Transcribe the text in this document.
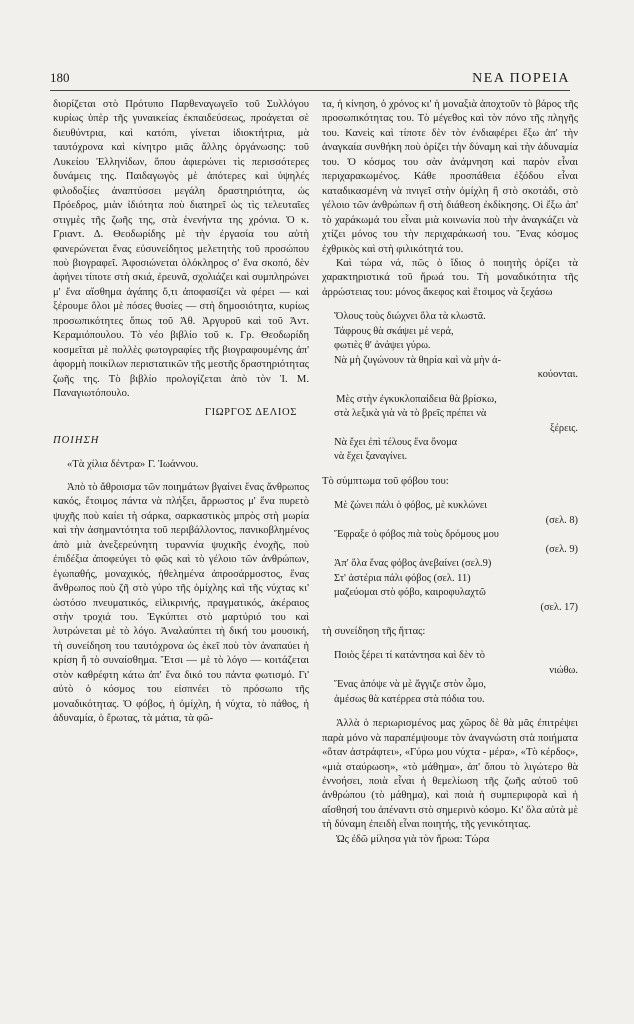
180	ΝΕΑ ΠΟΡΕΙΑ

διορίζεται στὸ Πρότυπο Παρθεναγωγεῖο τοῦ Συλλόγου κυρίως ὑπὲρ τῆς γυναικείας ἐκπαιδεύσεως, προάγεται σὲ διευθύντρια, καὶ κατόπι, γίνεται ἰδιοκτήτρια, μὰ ταυτόχρονα καὶ κίνητρο μιᾶς ἄλλης ὀργάνωσης: τοῦ Λυκείου Ἑλληνίδων, ὅπου ἀφιερώνει τὶς περισσότερες δυνάμεις της. Παιδαγωγὸς μὲ ἀπότερες καὶ ὑψηλές φιλοδοξίες ἀναπτύσσει μεγάλη δραστηριότητα, ὡς Πρόεδρος, μιὰν ἰδιότητα ποὺ διατηρεῖ ὡς τὶς τελευταῖες στιγμὲς τῆς ζωῆς της, στὰ ἑνενήντα της χρόνια. Ὁ κ. Γριαντ. Δ. Θεοδωρίδης μὲ τὴν ἐργασία του αὐτὴ φανερώνεται ἕνας εὐσυνείδητος μελετητὴς τοῦ προσώπου ποὺ βιογραφεῖ. Ἀφοσιώνεται ὁλόκληρος σ' ἕνα σκοπό, δὲν ἀφήνει τίποτε στὴ σκιά, ἐρευνᾶ, σχολιάζει καὶ συμπληρώνει μ' ἕνα αἴσθημα ἀγάπης ὅ,τι ἀποφασίζει νὰ φέρει — καὶ ξέρουμε ὅλοι μὲ πόσες θυσίες — στὴ δημοσιότητα, κυρίως προσωπικότητες ὅπως τοῦ Ἀθ. Ἀργυροῦ καὶ τοῦ Ἀντ. Κεραμιόπουλου. Τὸ νέο βιβλίο τοῦ κ. Γρ. Θεοδωρίδη κοσμεῖται μὲ πολλὲς φωτογραφίες τῆς βιογραφουμένης ἀπ' ἀφορμὴ ποικίλων περιστατικῶν τῆς μεστῆς δραστηριότητας ζωῆς της. Τὸ βιβλίο προλογίζεται ἀπὸ τὸν Ἰ. Μ. Παναγιωτόπουλο.

ΓΙΩΡΓΟΣ ΔΕΛΙΟΣ

ΠΟΙΗΣΗ

«Τὰ χίλια δέντρα» Γ. Ἰωάννου.

Ἀπὸ τὸ ἄθροισμα τῶν ποιημάτων βγαίνει ἕνας ἄνθρωπος κακός, ἕτοιμος πάντα νὰ πλήξει, ἄρρωστος μ' ἕνα πυρετὸ ψυχῆς ποὺ καίει τὴ σάρκα, σαρκαστικὸς μπρὸς στὴ μωρία καὶ τὴν ἀσημαντότητα τοῦ περιβάλλοντος, πανικοβλημένος ἀπὸ μιὰ ἀνεξερεύνητη τυραννία ψυχικῆς ἐνοχῆς, ποὺ ἐπιδέξια ἀποφεύγει τὸ φῶς καὶ τὸ γέλοιο τῶν ἀνθρώπων, ἐγωπαθής, μοναχικός, ἠθελημένα ἀπροσάρμοστος, ἕνας ἄνθρωπος ποὺ ζῆ στὸ γύρο τῆς ὀμίχλης καὶ τῆς νύχτας κι' ὡστόσο πνευματικός, εἰλικρινής, πραγματικός, ἀκέραιος στὴν τροχιά του. Ἐγκύπτει στὸ μαρτύριό του καὶ λυτρώνεται μὲ τὸ λόγο. Ἀναλαύπτει τὴ δική του μουσική, τὴ συνείδηση του ταυτόχρονα ὡς ἐκεῖ ποὺ τὸν ἀναπαύει ἡ κρίση ἢ τὸ συναίσθημα. Ἔτσι — μὲ τὸ λόγο — κοιτάζεται στὸν καθρέφτη κάτω ἀπ' ἕνα δικό του πάντα φωτισμό. Γι' αὐτὸ ὁ κόσμος του εἰσπνέει τὸ πρόσωπο τῆς μοναδικότητας. Ὁ φόβος, ἡ ὀμίχλη, ἡ νύχτα, τὸ πάθος, ἡ ἀδυναμία, ὁ ἔρωτας, τὰ μάτια, τὰ φῶ-

τα, ἡ κίνηση, ὁ χρόνος κι' ἡ μοναξιὰ ἀποχτοῦν τὸ βάρος τῆς προσωπικότητας του. Τὸ μέγεθος καὶ τὸν πόνο τῆς πληγῆς του. Κανεὶς καὶ τίποτε δὲν τὸν ἐνδιαφέρει ἔξω ἀπ' τὴν ἀναγκαία συνθήκη ποὺ ὁρίζει τὴν δύναμη καὶ τὴν ἀδυναμία του. Ὁ κόσμος του σὰν ἀνάμνηση καὶ παρὸν εἶναι περιχαρακωμένος. Κάθε προσπάθεια ἐξόδου εἶναι καταδικασμένη νὰ πνιγεῖ στὴν ὀμίχλη ἢ στὸ σκοτάδι, στὸ γέλοιο τῶν ἀνθρώπων ἢ στὴ διάθεση ἐκδίκησης. Οἱ ἔξω ἀπ' τὸ χαράκωμά του εἶναι μιὰ κοινωνία ποὺ τὴν ἀναγκάζει νὰ χτίζει μόνος του τὴν περιχαράκωσή του. Ἕνας κόσμος ἐχθρικὸς καὶ στὴ φιλικότητά του.

Καὶ τώρα νά, πῶς ὁ ἴδιος ὁ ποιητὴς ὁρίζει τὰ χαρακτηριστικά τοῦ ἥρωά του. Τὴ μοναδικότητα τῆς ἀρρώστειας του: μόνος ἄκεφος καὶ ἕτοιμος νὰ ξεχάσω

Ὅλους τοὺς διώχνει ὅλα τὰ κλωστᾶ.
Τάφρους θὰ σκάψει μὲ νερά,
φωτιὲς θ' ἀνάψει γύρω.
Νὰ μὴ ζυγώνουν τὰ θηρία καὶ νὰ μὴν ἀ-
κούονται.

Μὲς στὴν ἐγκυκλοπαίδεια θὰ βρίσκω,

στὰ λεξικὰ γιὰ νὰ τὸ βρεῖς πρέπει νὰ
ξέρεις.
Νὰ ἔχει ἐπὶ τέλους ἕνα ὄνομα
νὰ ἔχει ξαναγίνει.

Τὸ σύμπτωμα τοῦ φόβου του:

Μὲ ζώνει πάλι ὁ φόβος, μὲ κυκλώνει
(σελ. 8)
Ἔφραξε ὁ φόβος πιὰ τοὺς δρόμους μου
(σελ. 9)
Ἀπ' ὅλα ἕνας φόβος ἀνεβαίνει (σελ.9)
Στ' ἀστέρια πάλι φόβος (σελ. 11)
μαζεύομαι στὸ φόβο, καιροφυλαχτῶ
(σελ. 17)

τὴ συνείδηση τῆς ἥττας:

Ποιὸς ξέρει τί κατάντησα καὶ δὲν τὸ
νιώθω.
Ἕνας ἀπόψε νὰ μὲ ἄγγιζε στὸν ὦμο,
ἀμέσως θὰ κατέρρεα στὰ πόδια του.

Ἀλλὰ ὁ περιωρισμένος μας χῶρος δὲ θὰ μᾶς ἐπιτρέψει παρὰ μόνο νὰ παραπέμψουμε τὸν ἀναγνώστη στὰ ποιήματα «ὅταν ἀστράφτει», «Γύρω μου νύχτα - μέρα», «Τὸ κέρδος», «μιὰ σταύρωση», «τὸ μάθημα», ἀπ' ὅπου τὸ λιγώτερο θὰ ἐννοήσει, ποιὰ εἶναι ἡ θεμελίωση τῆς ζωῆς αὐτοῦ τοῦ ἀνθρώπου (τὸ μάθημα), καὶ ποιὰ ἡ συμπεριφορὰ καὶ ἡ αἴσθησή του ἀπέναντι στὸ σημερινὸ κόσμο. Κι' ὅλα αὐτὰ μὲ τὴ δύναμη ἐπειδὴ εἶναι ποιητής, τῆς γενικότητας.

Ὡς ἐδῶ μίλησα γιὰ τὸν ἥρωα: Τώρα
